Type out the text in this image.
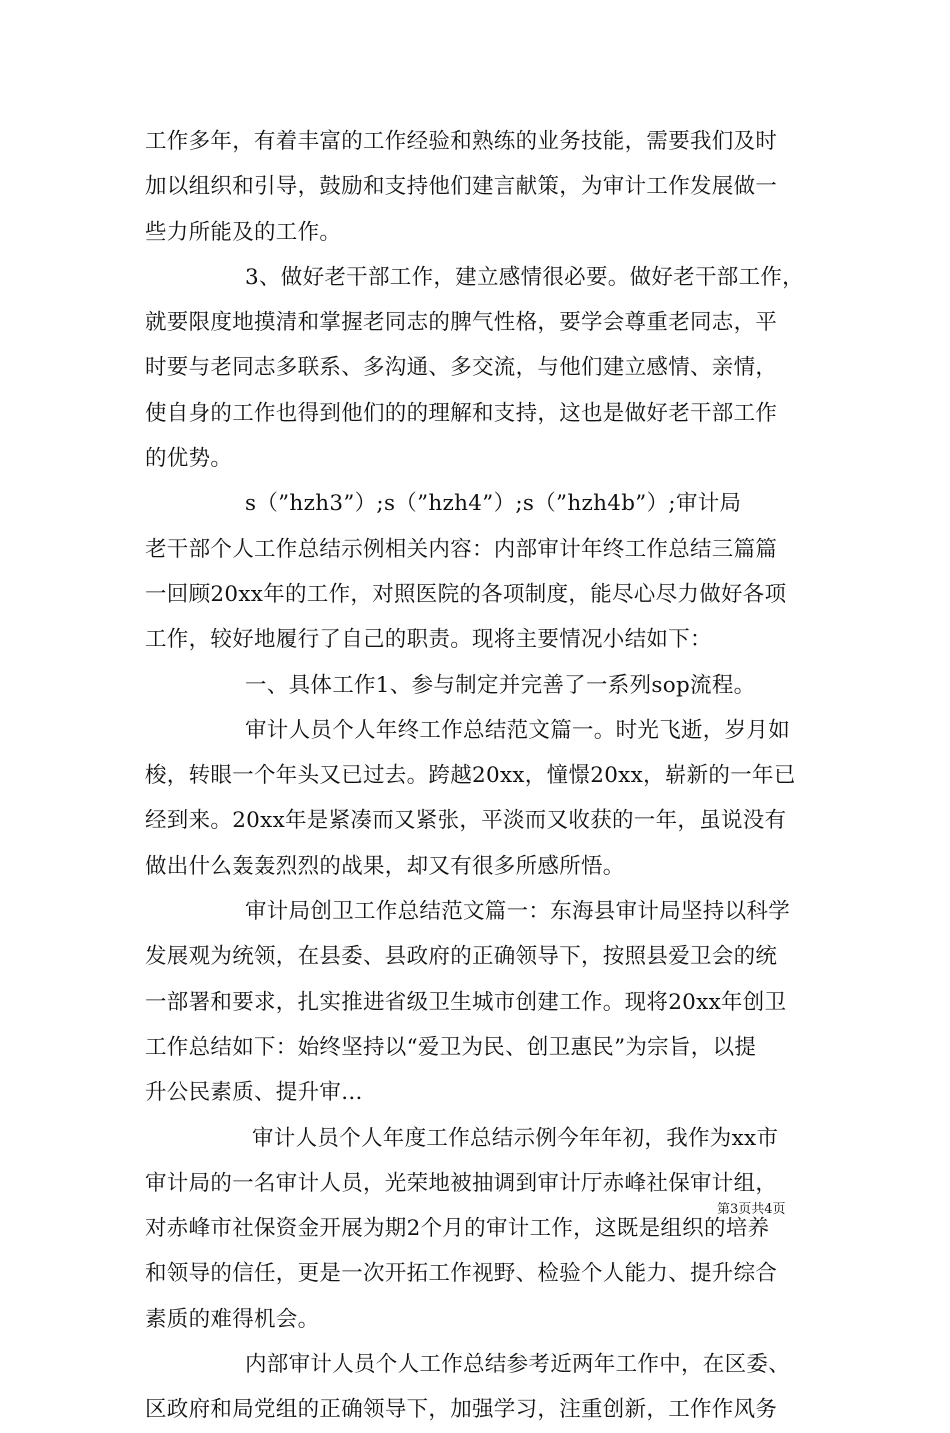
工作多年，有着丰富的工作经验和熟练的业务技能，需要我们及时
加以组织和引导，鼓励和支持他们建言献策，为审计工作发展做一
些力所能及的工作。
3、做好老干部工作，建立感情很必要。做好老干部工作，
就要限度地摸清和掌握老同志的脾气性格，要学会尊重老同志，平
时要与老同志多联系、多沟通、多交流，与他们建立感情、亲情，
使自身的工作也得到他们的的理解和支持，这也是做好老干部工作
的优势。
s（”hzh3”）;s（”hzh4”）;s（”hzh4b”）;审计局
老干部个人工作总结示例相关内容：内部审计年终工作总结三篇篇
一回顾20xx年的工作，对照医院的各项制度，能尽心尽力做好各项
工作，较好地履行了自己的职责。现将主要情况小结如下：
一、具体工作1、参与制定并完善了一系列sop流程。
审计人员个人年终工作总结范文篇一。时光飞逝，岁月如
梭，转眼一个年头又已过去。跨越20xx，憧憬20xx，崭新的一年已
经到来。20xx年是紧凑而又紧张，平淡而又收获的一年，虽说没有
做出什么轰轰烈烈的战果，却又有很多所感所悟。
审计局创卫工作总结范文篇一：东海县审计局坚持以科学
发展观为统领，在县委、县政府的正确领导下，按照县爱卫会的统
一部署和要求，扎实推进省级卫生城市创建工作。现将20xx年创卫
工作总结如下：始终坚持以“爱卫为民、创卫惠民”为宗旨，以提
升公民素质、提升审...
审计人员个人年度工作总结示例今年年初，我作为xx市
审计局的一名审计人员，光荣地被抽调到审计厅赤峰社保审计组，
对赤峰市社保资金开展为期2个月的审计工作，这既是组织的培养
和领导的信任，更是一次开拓工作视野、检验个人能力、提升综合
素质的难得机会。
内部审计人员个人工作总结参考近两年工作中，在区委、
区政府和局党组的正确领导下，加强学习，注重创新，工作作风务
第3页共4页
